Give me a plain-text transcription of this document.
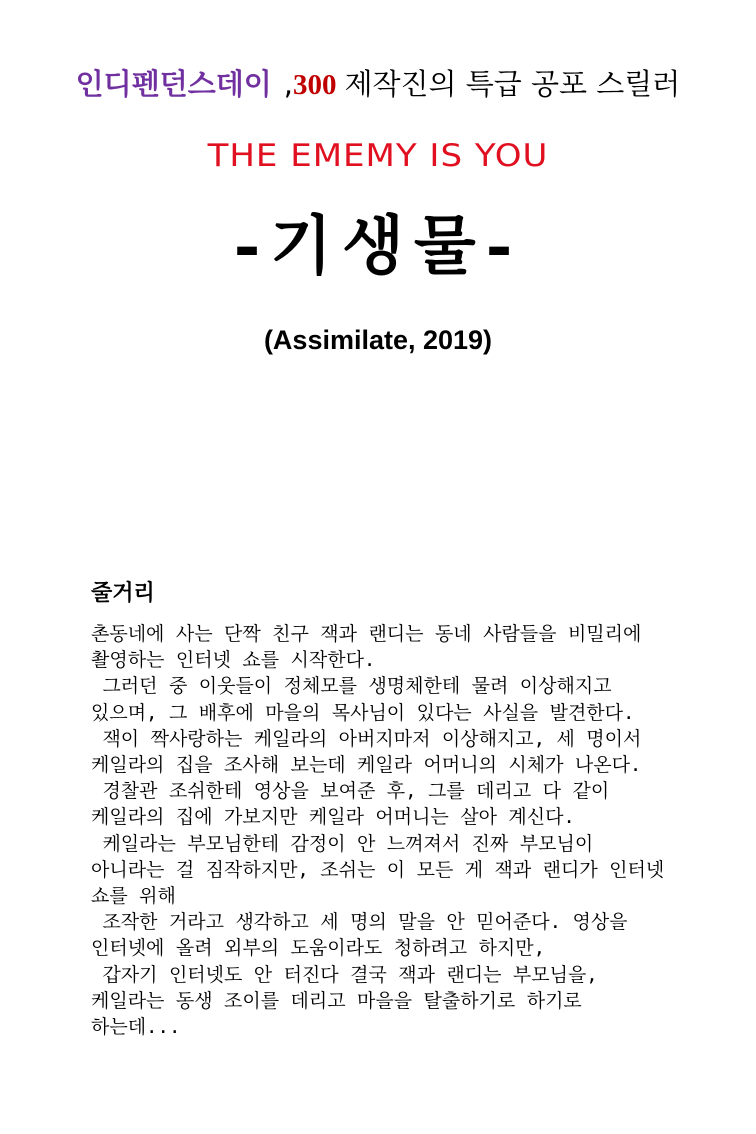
인디펜던스데이 ,300 제작진의 특급 공포 스릴러
THE EMEMY IS YOU
-기생물-
(Assimilate, 2019)
줄거리
촌동네에 사는 단짝 친구 잭과 랜디는 동네 사람들을 비밀리에
촬영하는 인터넷 쇼를 시작한다.
그러던 중 이웃들이 정체모를 생명체한테 물려 이상해지고
있으며, 그 배후에 마을의 목사님이 있다는 사실을 발견한다.
잭이 짝사랑하는 케일라의 아버지마저 이상해지고, 세 명이서
케일라의 집을 조사해 보는데 케일라 어머니의 시체가 나온다.
경찰관 조쉬한테 영상을 보여준 후, 그를 데리고 다 같이
케일라의 집에 가보지만 케일라 어머니는 살아 계신다.
케일라는 부모님한테 감정이 안 느껴져서 진짜 부모님이
아니라는 걸 짐작하지만, 조쉬는 이 모든 게 잭과 랜디가 인터넷
쇼를 위해
조작한 거라고 생각하고 세 명의 말을 안 믿어준다. 영상을
인터넷에 올려 외부의 도움이라도 청하려고 하지만,
갑자기 인터넷도 안 터진다 결국 잭과 랜디는 부모님을,
케일라는 동생 조이를 데리고 마을을 탈출하기로 하기로
하는데...
